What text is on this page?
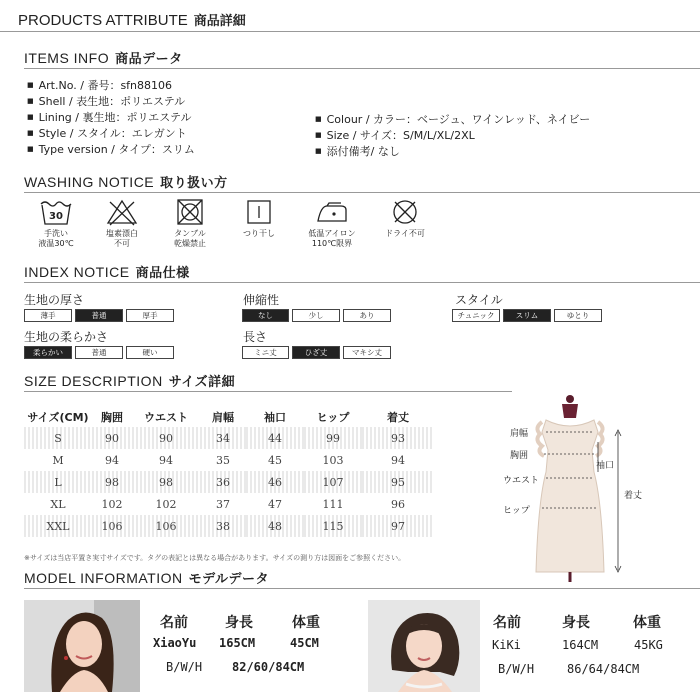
PRODUCTS ATTRIBUTE 商品詳細
ITEMS INFO 商品データ
■ Art.No. / 番号：sfn88106
■ Shell / 表生地：ポリエステル
■ Lining / 裏生地：ポリエステル
■ Style / スタイル：エレガント
■ Type version / タイプ：スリム
■ Colour / カラー：ベージュ、ワインレッド、ネイビー
■ Size / サイズ：S/M/L/XL/2XL
■ 添付備考/ なし
WASHING NOTICE 取り扱い方
30
手洗い
液温30℃
塩素漂白
不可
タンブル
乾燥禁止
つり干し	低温アイロン
110℃限界
ドライ不可
INDEX NOTICE 商品仕様
生地の厚さ
薄手	普通	厚手
伸縮性
なし	少し	あり
スタイル
チュニック	スリム	ゆとり
生地の柔らかさ
柔らかい	普通	硬い
長さ
ミニ丈	ひざ丈	マキシ丈
SIZE DESCRIPTION サイズ詳細
サイズ(CM)	胸囲	ウエスト	肩幅	袖口	ヒップ	着丈
S	90	90	34	44	99	93
M	94	94	35	45	103	94
L	98	98	36	46	107	95
XL	102	102	37	47	111	96
XXL	106	106	38	48	115	97
※サイズは当店平置き実寸サイズです。タグの表記とは異なる場合があります。サイズの測り方は図面をご参照ください。
肩幅
胸囲
ウエスト
ヒップ
袖口
着丈
MODEL INFORMATION モデルデータ
名前	身長	体重
XiaoYu 165CM	45CM
B/W/H 82/60/84CM
名前	身長	体重
KiKi	164CM	45KG
B/W/H	86/64/84CM
